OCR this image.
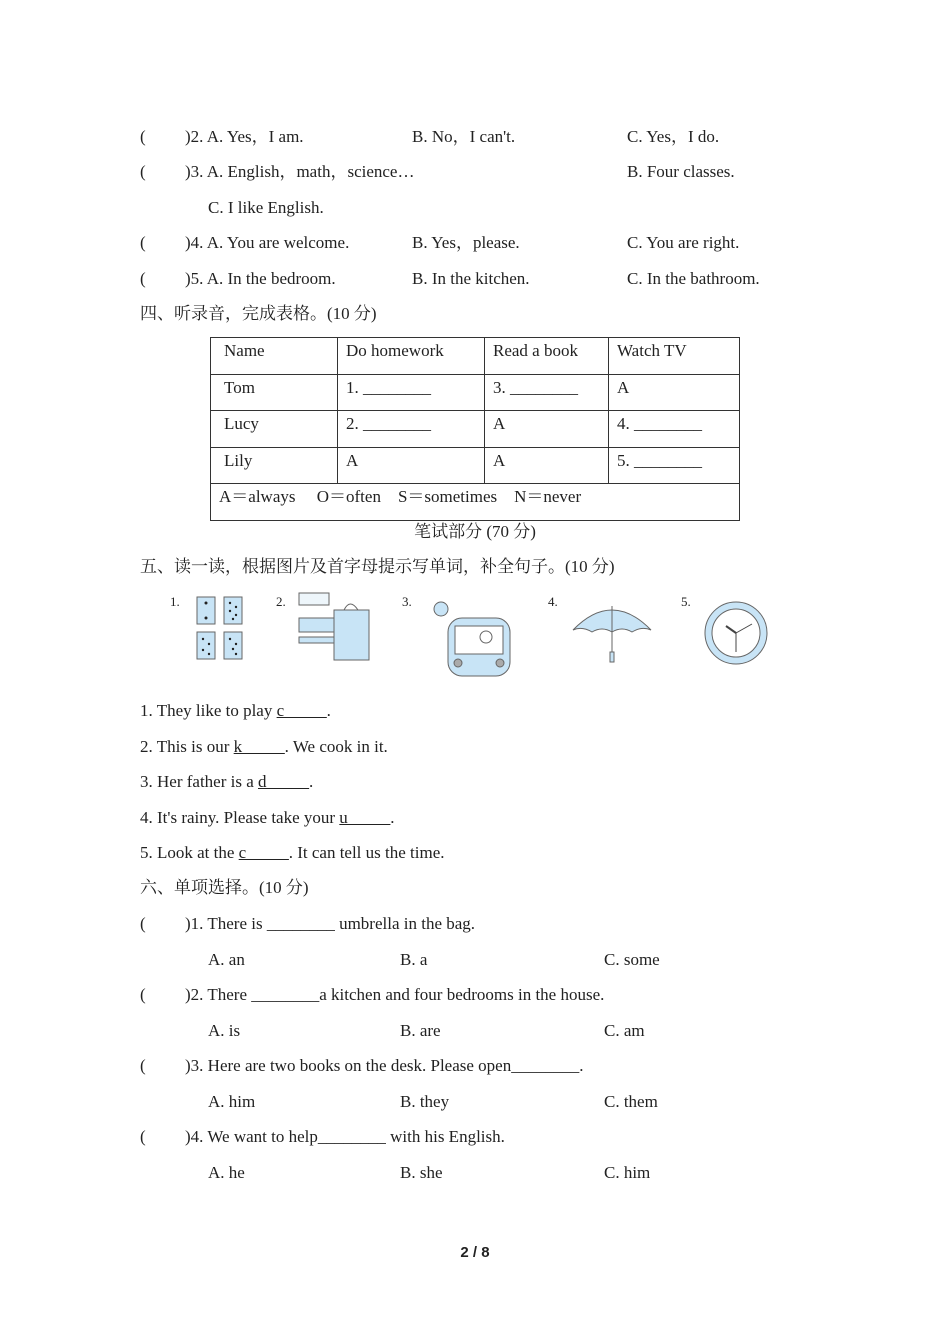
( )2. A. Yes，I am.	B. No，I can't.	C. Yes，I do.
( )3. A. English，math，science…	B. Four classes.
C. I like English.
( )4. A. You are welcome.	B. Yes，please.	C. You are right.
( )5. A. In the bedroom.	B. In the kitchen.	C. In the bathroom.
四、听录音，完成表格。(10 分)
Name	Do homework	Read a book	Watch TV
Tom	1. ________	3. ________	A
Lucy	2. ________	A	4. ________
Lily	A	A	5. ________
A＝always　 O＝often　S＝sometimes　N＝never			
笔试部分 (70 分)
五、读一读，根据图片及首字母提示写单词，补全句子。(10 分)
1.	2.	3.	4.	5.
1. They like to play c_____.
2. This is our k_____. We cook in it.
3. Her father is a d_____.
4. It's rainy. Please take your u_____.
5. Look at the c_____. It can tell us the time.
六、单项选择。(10 分)
( )1. There is ________ umbrella in the bag.
A. an	B. a	C. some
( )2. There ________a kitchen and four bedrooms in the house.
A. is	B. are	C. am
( )3. Here are two books on the desk. Please open________.
A. him	B. they	C. them
( )4. We want to help________ with his English.
A. he	B. she	C. him
2 / 8
